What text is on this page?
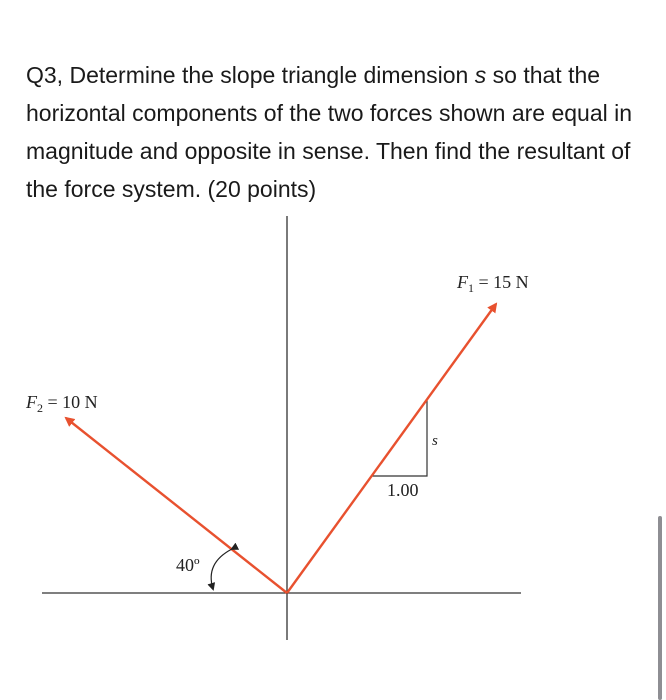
Q3, Determine the slope triangle dimension s so that the horizontal components of the two forces shown are equal in magnitude and opposite in sense. Then find the resultant of the force system. (20 points)

$F_1 = 15$ N
$F_2 = 10$ N
s
1.00
40º
